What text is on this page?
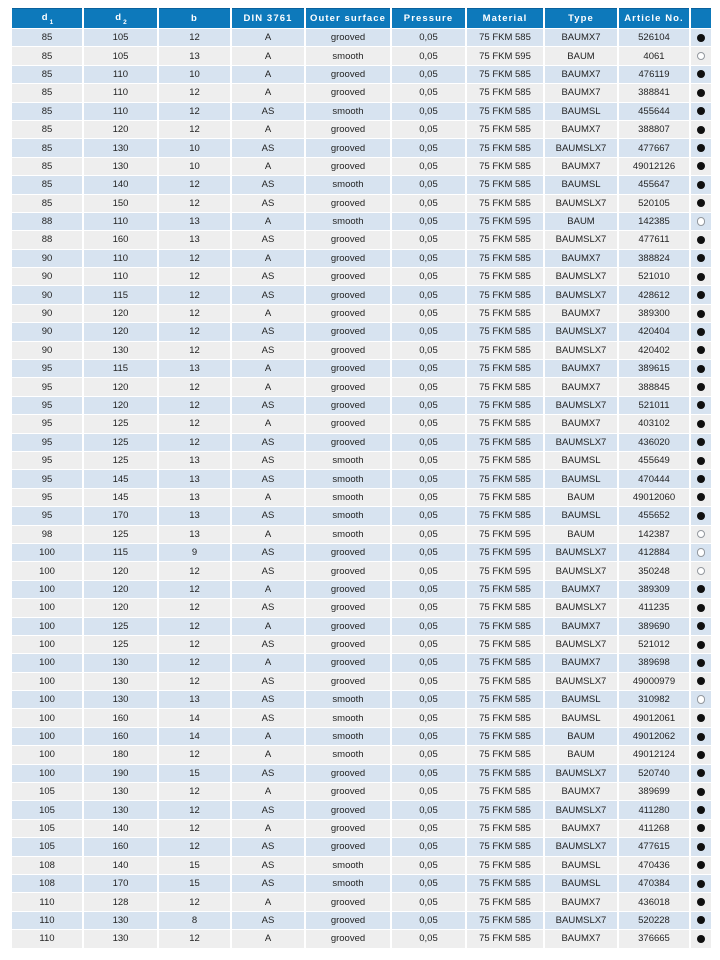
$d_1$	$d_2$	b	DIN 3761	Outer surface	Pressure	Material	Type	Article No.	
85	105	12	A	grooved	0,05	75 FKM 585	BAUMX7	526104	
85	105	13	A	smooth	0,05	75 FKM 595	BAUM	4061	
85	110	10	A	grooved	0,05	75 FKM 585	BAUMX7	476119	
85	110	12	A	grooved	0,05	75 FKM 585	BAUMX7	388841	
85	110	12	AS	smooth	0,05	75 FKM 585	BAUMSL	455644	
85	120	12	A	grooved	0,05	75 FKM 585	BAUMX7	388807	
85	130	10	AS	grooved	0,05	75 FKM 585	BAUMSLX7	477667	
85	130	10	A	grooved	0,05	75 FKM 585	BAUMX7	49012126	
85	140	12	AS	smooth	0,05	75 FKM 585	BAUMSL	455647	
85	150	12	AS	grooved	0,05	75 FKM 585	BAUMSLX7	520105	
88	110	13	A	smooth	0,05	75 FKM 595	BAUM	142385	
88	160	13	AS	grooved	0,05	75 FKM 585	BAUMSLX7	477611	
90	110	12	A	grooved	0,05	75 FKM 585	BAUMX7	388824	
90	110	12	AS	grooved	0,05	75 FKM 585	BAUMSLX7	521010	
90	115	12	AS	grooved	0,05	75 FKM 585	BAUMSLX7	428612	
90	120	12	A	grooved	0,05	75 FKM 585	BAUMX7	389300	
90	120	12	AS	grooved	0,05	75 FKM 585	BAUMSLX7	420404	
90	130	12	AS	grooved	0,05	75 FKM 585	BAUMSLX7	420402	
95	115	13	A	grooved	0,05	75 FKM 585	BAUMX7	389615	
95	120	12	A	grooved	0,05	75 FKM 585	BAUMX7	388845	
95	120	12	AS	grooved	0,05	75 FKM 585	BAUMSLX7	521011	
95	125	12	A	grooved	0,05	75 FKM 585	BAUMX7	403102	
95	125	12	AS	grooved	0,05	75 FKM 585	BAUMSLX7	436020	
95	125	13	AS	smooth	0,05	75 FKM 585	BAUMSL	455649	
95	145	13	AS	smooth	0,05	75 FKM 585	BAUMSL	470444	
95	145	13	A	smooth	0,05	75 FKM 585	BAUM	49012060	
95	170	13	AS	smooth	0,05	75 FKM 585	BAUMSL	455652	
98	125	13	A	smooth	0,05	75 FKM 595	BAUM	142387	
100	115	9	AS	grooved	0,05	75 FKM 595	BAUMSLX7	412884	
100	120	12	AS	grooved	0,05	75 FKM 595	BAUMSLX7	350248	
100	120	12	A	grooved	0,05	75 FKM 585	BAUMX7	389309	
100	120	12	AS	grooved	0,05	75 FKM 585	BAUMSLX7	411235	
100	125	12	A	grooved	0,05	75 FKM 585	BAUMX7	389690	
100	125	12	AS	grooved	0,05	75 FKM 585	BAUMSLX7	521012	
100	130	12	A	grooved	0,05	75 FKM 585	BAUMX7	389698	
100	130	12	AS	grooved	0,05	75 FKM 585	BAUMSLX7	49000979	
100	130	13	AS	smooth	0,05	75 FKM 585	BAUMSL	310982	
100	160	14	AS	smooth	0,05	75 FKM 585	BAUMSL	49012061	
100	160	14	A	smooth	0,05	75 FKM 585	BAUM	49012062	
100	180	12	A	smooth	0,05	75 FKM 585	BAUM	49012124	
100	190	15	AS	grooved	0,05	75 FKM 585	BAUMSLX7	520740	
105	130	12	A	grooved	0,05	75 FKM 585	BAUMX7	389699	
105	130	12	AS	grooved	0,05	75 FKM 585	BAUMSLX7	411280	
105	140	12	A	grooved	0,05	75 FKM 585	BAUMX7	411268	
105	160	12	AS	grooved	0,05	75 FKM 585	BAUMSLX7	477615	
108	140	15	AS	smooth	0,05	75 FKM 585	BAUMSL	470436	
108	170	15	AS	smooth	0,05	75 FKM 585	BAUMSL	470384	
110	128	12	A	grooved	0,05	75 FKM 585	BAUMX7	436018	
110	130	8	AS	grooved	0,05	75 FKM 585	BAUMSLX7	520228	
110	130	12	A	grooved	0,05	75 FKM 585	BAUMX7	376665	
